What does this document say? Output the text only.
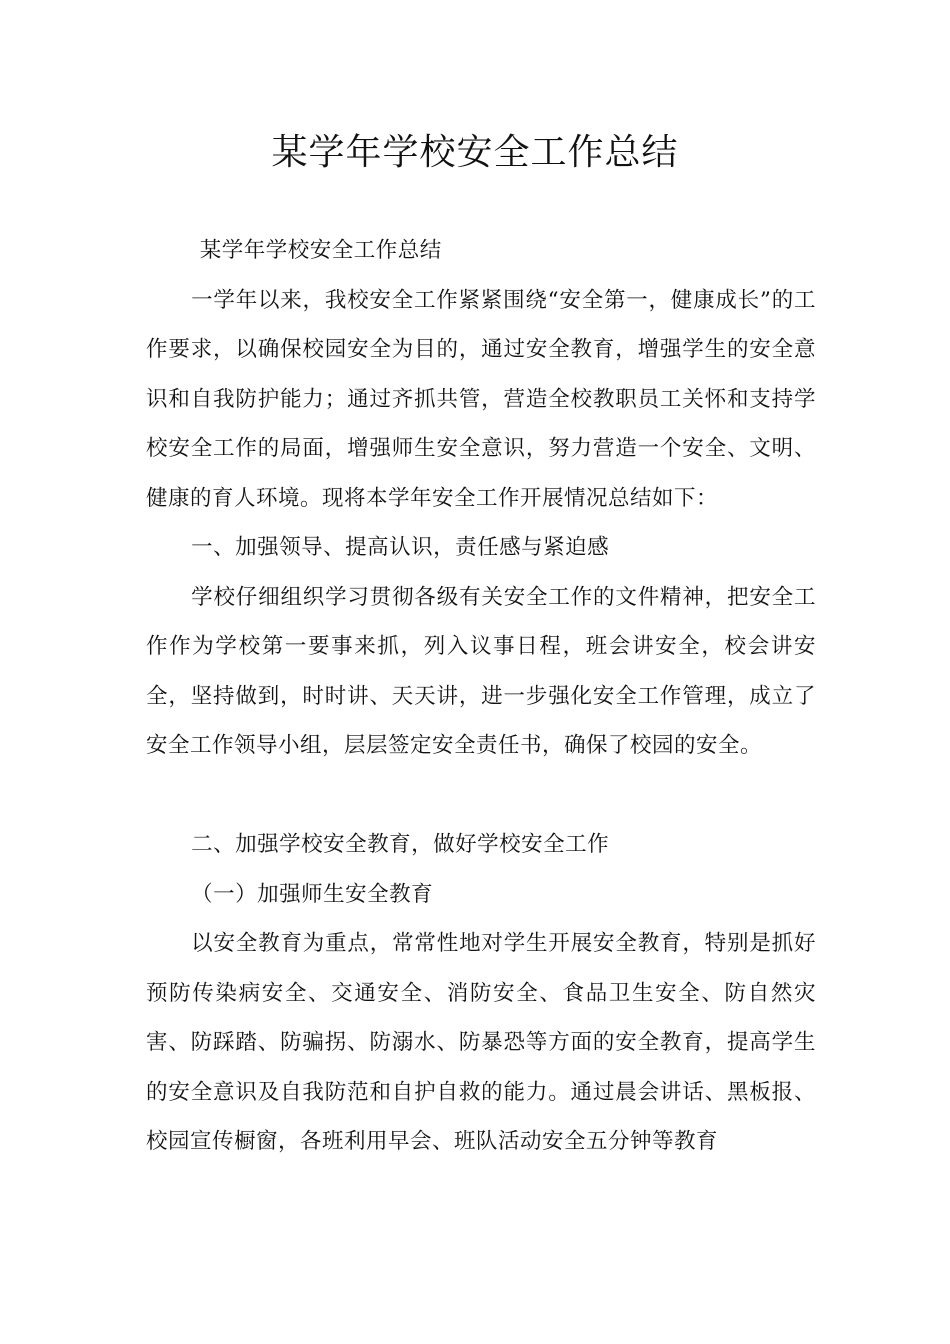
某学年学校安全工作总结

某学年学校安全工作总结

一学年以来，我校安全工作紧紧围绕“安全第一，健康成长”的工作要求，以确保校园安全为目的，通过安全教育，增强学生的安全意识和自我防护能力；通过齐抓共管，营造全校教职员工关怀和支持学校安全工作的局面，增强师生安全意识，努力营造一个安全、文明、健康的育人环境。现将本学年安全工作开展情况总结如下：

一、加强领导、提高认识，责任感与紧迫感

学校仔细组织学习贯彻各级有关安全工作的文件精神，把安全工作作为学校第一要事来抓，列入议事日程，班会讲安全，校会讲安全，坚持做到，时时讲、天天讲，进一步强化安全工作管理，成立了安全工作领导小组，层层签定安全责任书，确保了校园的安全。

二、加强学校安全教育，做好学校安全工作

（一）加强师生安全教育

以安全教育为重点，常常性地对学生开展安全教育，特别是抓好预防传染病安全、交通安全、消防安全、食品卫生安全、防自然灾害、防踩踏、防骗拐、防溺水、防暴恐等方面的安全教育，提高学生的安全意识及自我防范和自护自救的能力。通过晨会讲话、黑板报、校园宣传橱窗，各班利用早会、班队活动安全五分钟等教育
